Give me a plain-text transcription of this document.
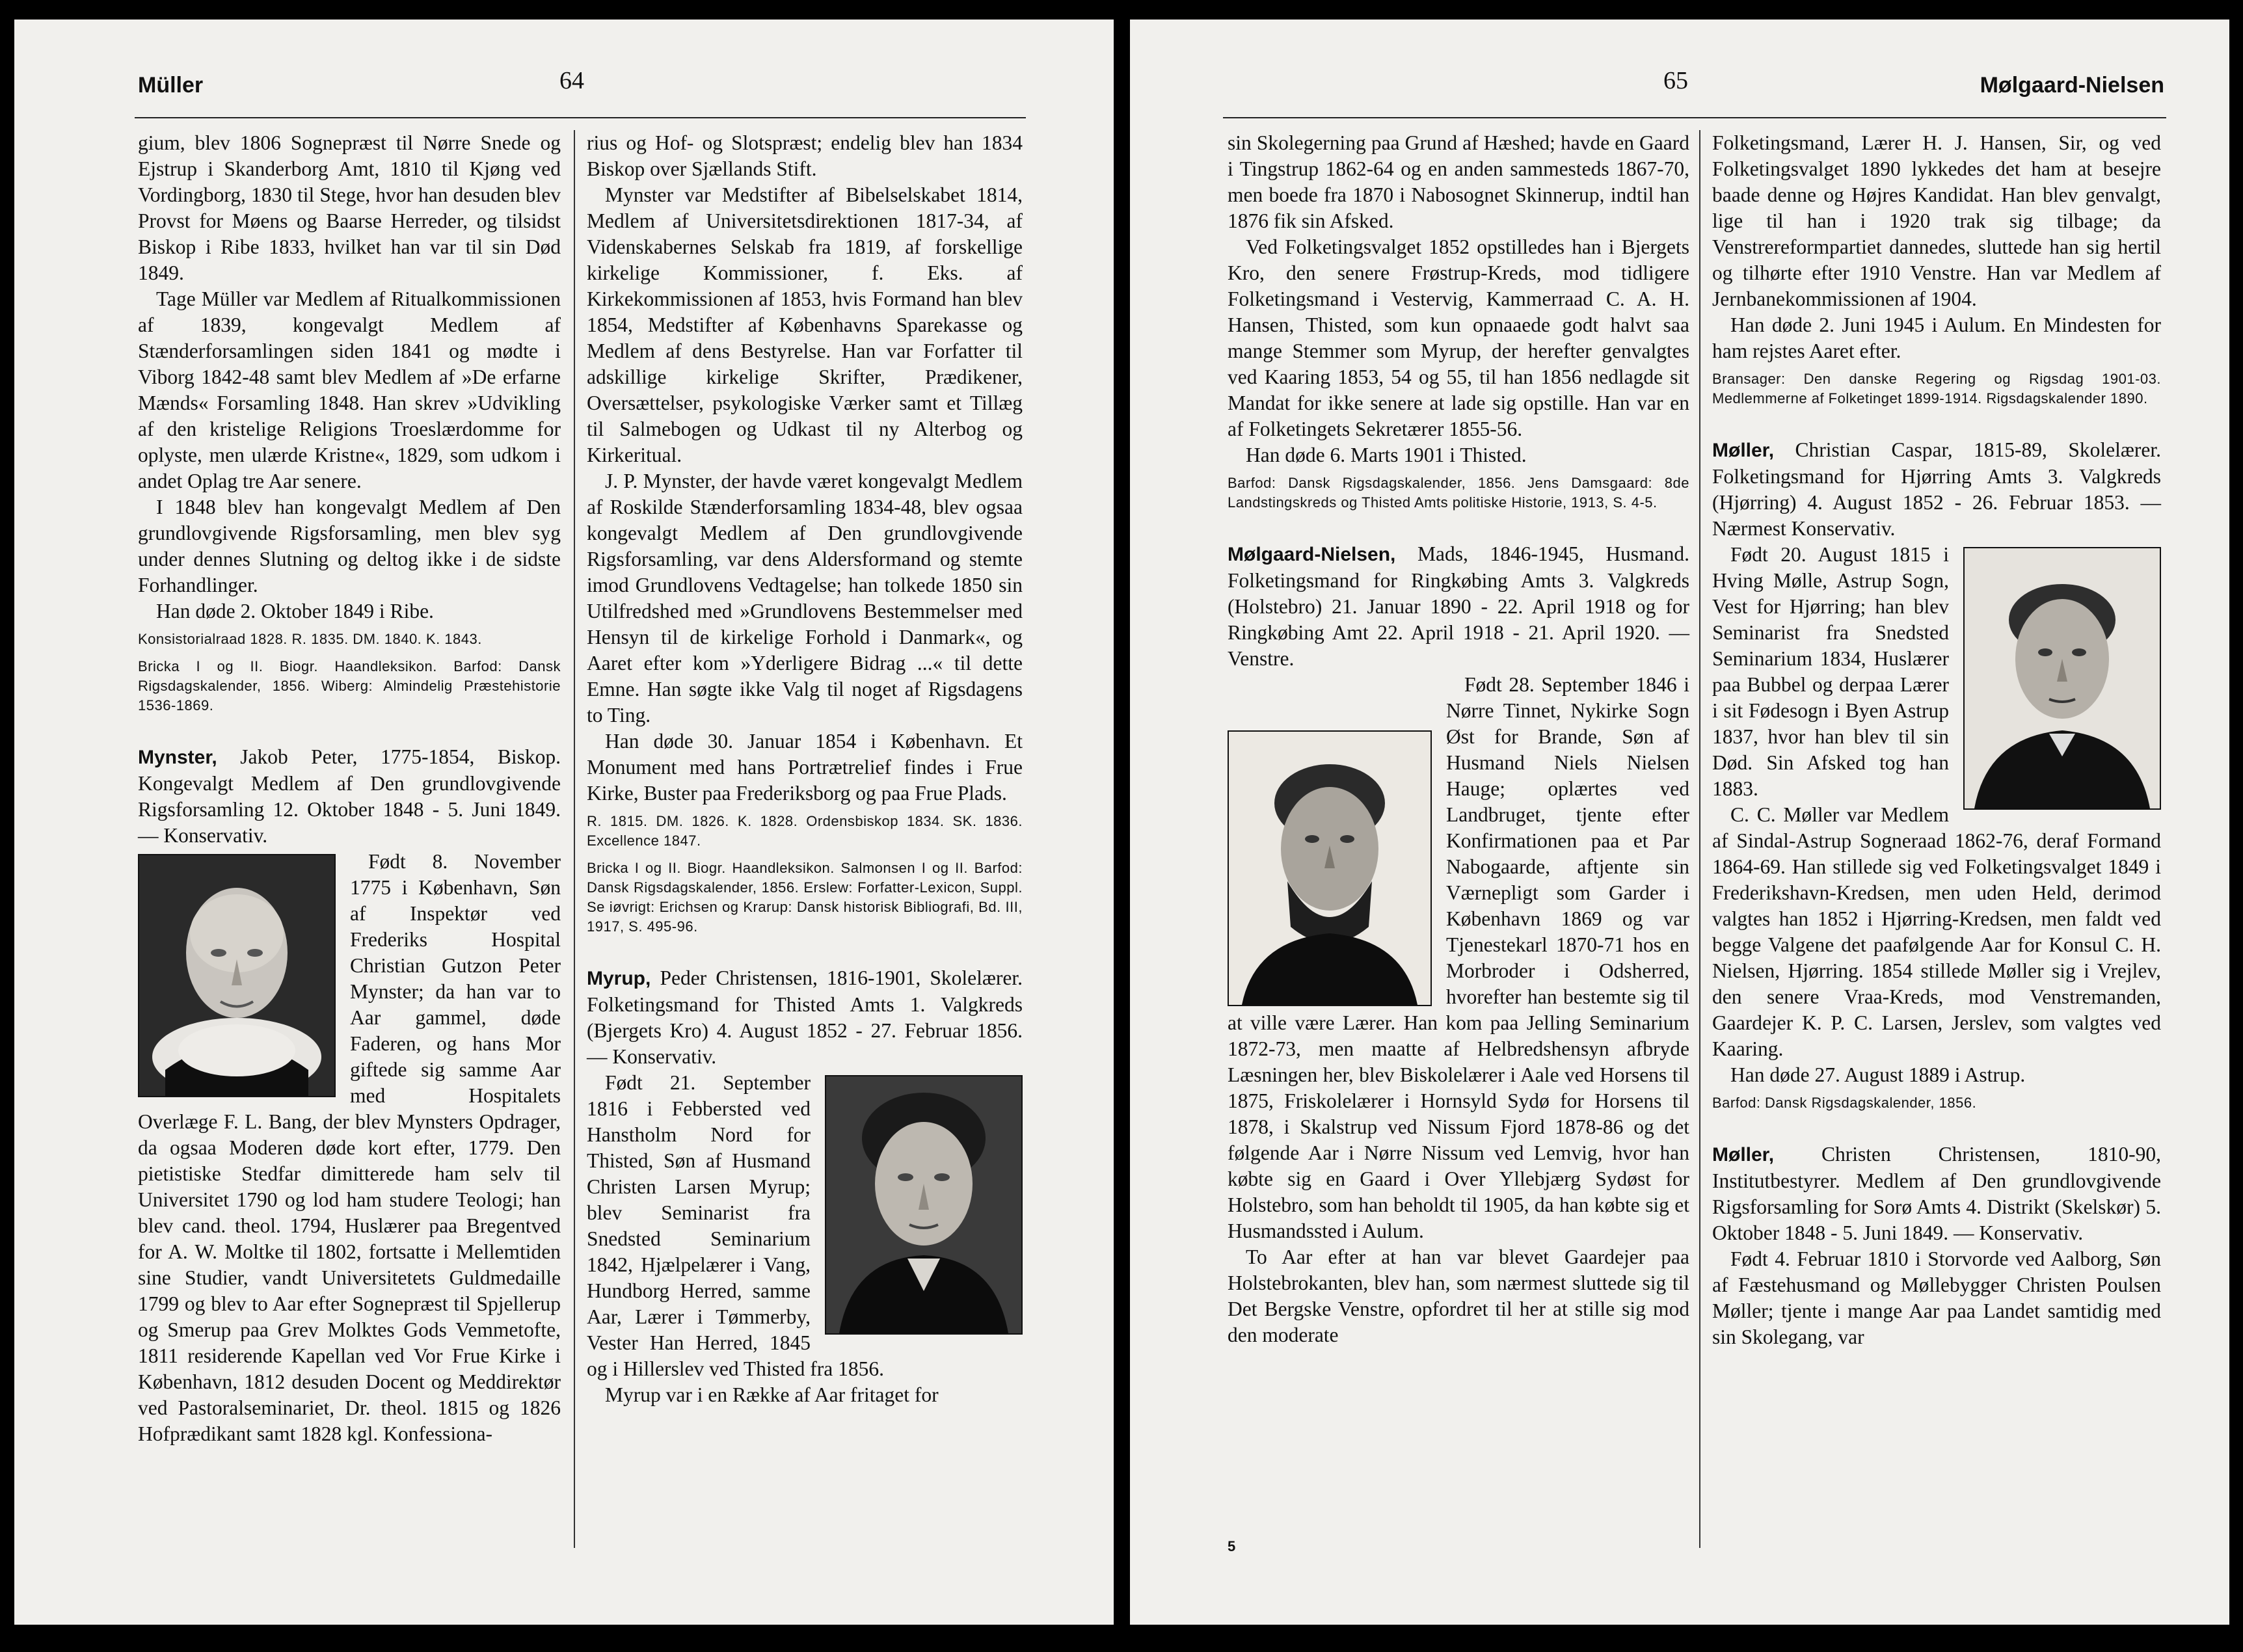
Müller	64

gium, blev 1806 Sognepræst til Nørre Snede og Ejstrup i Skanderborg Amt, 1810 til Kjøng ved Vordingborg, 1830 til Stege, hvor han desuden blev Provst for Møens og Baarse Herreder, og tilsidst Biskop i Ribe 1833, hvilket han var til sin Død 1849.

Tage Müller var Medlem af Ritualkommissionen af 1839, kongevalgt Medlem af Stænderforsamlingen siden 1841 og mødte i Viborg 1842-48 samt blev Medlem af »De erfarne Mænds« Forsamling 1848. Han skrev »Udvikling af den kristelige Religions Troeslærdomme for oplyste, men ulærde Kristne«, 1829, som udkom i andet Oplag tre Aar senere.

I 1848 blev han kongevalgt Medlem af Den grundlovgivende Rigsforsamling, men blev syg under dennes Slutning og deltog ikke i de sidste Forhandlinger.

Han døde 2. Oktober 1849 i Ribe.

Konsistorialraad 1828. R. 1835. DM. 1840. K. 1843.

Bricka I og II. Biogr. Haandleksikon. Barfod: Dansk Rigsdagskalender, 1856. Wiberg: Almindelig Præstehistorie 1536-1869.

Mynster, Jakob Peter, 1775-1854, Biskop. Kongevalgt Medlem af Den grundlovgivende Rigsforsamling 12. Oktober 1848 - 5. Juni 1849. — Konservativ.

Født 8. November 1775 i København, Søn af Inspektør ved Frederiks Hospital Christian Gutzon Peter Mynster; da han var to Aar gammel, døde Faderen, og hans Mor giftede sig samme Aar med Hospitalets Overlæge F. L. Bang, der blev Mynsters Opdrager, da ogsaa Moderen døde kort efter, 1779. Den pietistiske Stedfar dimitterede ham selv til Universitet 1790 og lod ham studere Teologi; han blev cand. theol. 1794, Huslærer paa Bregentved for A. W. Moltke til 1802, fortsatte i Mellemtiden sine Studier, vandt Universitetets Guldmedaille 1799 og blev to Aar efter Sognepræst til Spjellerup og Smerup paa Grev Molktes Gods Vemmetofte, 1811 residerende Kapellan ved Vor Frue Kirke i København, 1812 desuden Docent og Meddirektør ved Pastoralseminariet, Dr. theol. 1815 og 1826 Hofprædikant samt 1828 kgl. Konfessiona-

rius og Hof- og Slotspræst; endelig blev han 1834 Biskop over Sjællands Stift.

Mynster var Medstifter af Bibelselskabet 1814, Medlem af Universitetsdirektionen 1817-34, af Videnskabernes Selskab fra 1819, af forskellige kirkelige Kommissioner, f. Eks. af Kirkekommissionen af 1853, hvis Formand han blev 1854, Medstifter af Københavns Sparekasse og Medlem af dens Bestyrelse. Han var Forfatter til adskillige kirkelige Skrifter, Prædikener, Oversættelser, psykologiske Værker samt et Tillæg til Salmebogen og Udkast til ny Alterbog og Kirkeritual.

J. P. Mynster, der havde været kongevalgt Medlem af Roskilde Stænderforsamling 1834-48, blev ogsaa kongevalgt Medlem af Den grundlovgivende Rigsforsamling, var dens Aldersformand og stemte imod Grundlovens Vedtagelse; han tolkede 1850 sin Utilfredshed med »Grundlovens Bestemmelser med Hensyn til de kirkelige Forhold i Danmark«, og Aaret efter kom »Yderligere Bidrag ...« til dette Emne. Han søgte ikke Valg til noget af Rigsdagens to Ting.

Han døde 30. Januar 1854 i København. Et Monument med hans Portrætrelief findes i Frue Kirke, Buster paa Frederiksborg og paa Frue Plads.

R. 1815. DM. 1826. K. 1828. Ordensbiskop 1834. SK. 1836. Excellence 1847.

Bricka I og II. Biogr. Haandleksikon. Salmonsen I og II. Barfod: Dansk Rigsdagskalender, 1856. Erslew: Forfatter-Lexicon, Suppl. Se iøvrigt: Erichsen og Krarup: Dansk historisk Bibliografi, Bd. III, 1917, S. 495-96.

Myrup, Peder Christensen, 1816-1901, Skolelærer. Folketingsmand for Thisted Amts 1. Valgkreds (Bjergets Kro) 4. August 1852 - 27. Februar 1856. — Konservativ.

Født 21. September 1816 i Febbersted ved Hanstholm Nord for Thisted, Søn af Husmand Christen Larsen Myrup; blev Seminarist fra Snedsted Seminarium 1842, Hjælpelærer i Vang, Hundborg Herred, samme Aar, Lærer i Tømmerby, Vester Han Herred, 1845 og i Hillerslev ved Thisted fra 1856.

Myrup var i en Række af Aar fritaget for

65	Mølgaard-Nielsen

sin Skolegerning paa Grund af Hæshed; havde en Gaard i Tingstrup 1862-64 og en anden sammesteds 1867-70, men boede fra 1870 i Nabosognet Skinnerup, indtil han 1876 fik sin Afsked.

Ved Folketingsvalget 1852 opstilledes han i Bjergets Kro, den senere Frøstrup-Kreds, mod tidligere Folketingsmand i Vestervig, Kammerraad C. A. H. Hansen, Thisted, som kun opnaaede godt halvt saa mange Stemmer som Myrup, der herefter genvalgtes ved Kaaring 1853, 54 og 55, til han 1856 nedlagde sit Mandat for ikke senere at lade sig opstille. Han var en af Folketingets Sekretærer 1855-56.

Han døde 6. Marts 1901 i Thisted.

Barfod: Dansk Rigsdagskalender, 1856. Jens Damsgaard: 8de Landstingskreds og Thisted Amts politiske Historie, 1913, S. 4-5.

Mølgaard-Nielsen, Mads, 1846-1945, Husmand. Folketingsmand for Ringkøbing Amts 3. Valgkreds (Holstebro) 21. Januar 1890 - 22. April 1918 og for Ringkøbing Amt 22. April 1918 - 21. April 1920. — Venstre.

Født 28. September 1846 i Nørre Tinnet, Nykirke Sogn Øst for Brande, Søn af Husmand Niels Nielsen Hauge; oplærtes ved Landbruget, tjente efter Konfirmationen paa et Par Nabogaarde, aftjente sin Værnepligt som Garder i København 1869 og var Tjenestekarl 1870-71 hos en Morbroder i Odsherred, hvorefter han bestemte sig til at ville være Lærer. Han kom paa Jelling Seminarium 1872-73, men maatte af Helbredshensyn afbryde Læsningen her, blev Biskolelærer i Aale ved Horsens til 1875, Friskolelærer i Hornsyld Sydø for Horsens til 1878, i Skalstrup ved Nissum Fjord 1878-86 og det følgende Aar i Nørre Nissum ved Lemvig, hvor han købte sig en Gaard i Over Yllebjærg Sydøst for Holstebro, som han beholdt til 1905, da han købte sig et Husmandssted i Aulum.

To Aar efter at han var blevet Gaardejer paa Holstebrokanten, blev han, som nærmest sluttede sig til Det Bergske Venstre, opfordret til her at stille sig mod den moderate

Folketingsmand, Lærer H. J. Hansen, Sir, og ved Folketingsvalget 1890 lykkedes det ham at besejre baade denne og Højres Kandidat. Han blev genvalgt, lige til han i 1920 trak sig tilbage; da Venstrereformpartiet dannedes, sluttede han sig hertil og tilhørte efter 1910 Venstre. Han var Medlem af Jernbanekommissionen af 1904.

Han døde 2. Juni 1945 i Aulum. En Mindesten for ham rejstes Aaret efter.

Bransager: Den danske Regering og Rigsdag 1901-03. Medlemmerne af Folketinget 1899-1914. Rigsdagskalender 1890.

Møller, Christian Caspar, 1815-89, Skolelærer. Folketingsmand for Hjørring Amts 3. Valgkreds (Hjørring) 4. August 1852 - 26. Februar 1853. — Nærmest Konservativ.

Født 20. August 1815 i Hving Mølle, Astrup Sogn, Vest for Hjørring; han blev Seminarist fra Snedsted Seminarium 1834, Huslærer paa Bubbel og derpaa Lærer i sit Fødesogn i Byen Astrup 1837, hvor han blev til sin Død. Sin Afsked tog han 1883.

C. C. Møller var Medlem af Sindal-Astrup Sogneraad 1862-76, deraf Formand 1864-69. Han stillede sig ved Folketingsvalget 1849 i Frederikshavn-Kredsen, men uden Held, derimod valgtes han 1852 i Hjørring-Kredsen, men faldt ved begge Valgene det paafølgende Aar for Konsul C. H. Nielsen, Hjørring. 1854 stillede Møller sig i Vrejlev, den senere Vraa-Kreds, mod Venstremanden, Gaardejer K. P. C. Larsen, Jerslev, som valgtes ved Kaaring.

Han døde 27. August 1889 i Astrup.

Barfod: Dansk Rigsdagskalender, 1856.

Møller, Christen Christensen, 1810-90, Institutbestyrer. Medlem af Den grundlovgivende Rigsforsamling for Sorø Amts 4. Distrikt (Skelskør) 5. Oktober 1848 - 5. Juni 1849. — Konservativ.

Født 4. Februar 1810 i Storvorde ved Aalborg, Søn af Fæstehusmand og Møllebygger Christen Poulsen Møller; tjente i mange Aar paa Landet samtidig med sin Skolegang, var

5
